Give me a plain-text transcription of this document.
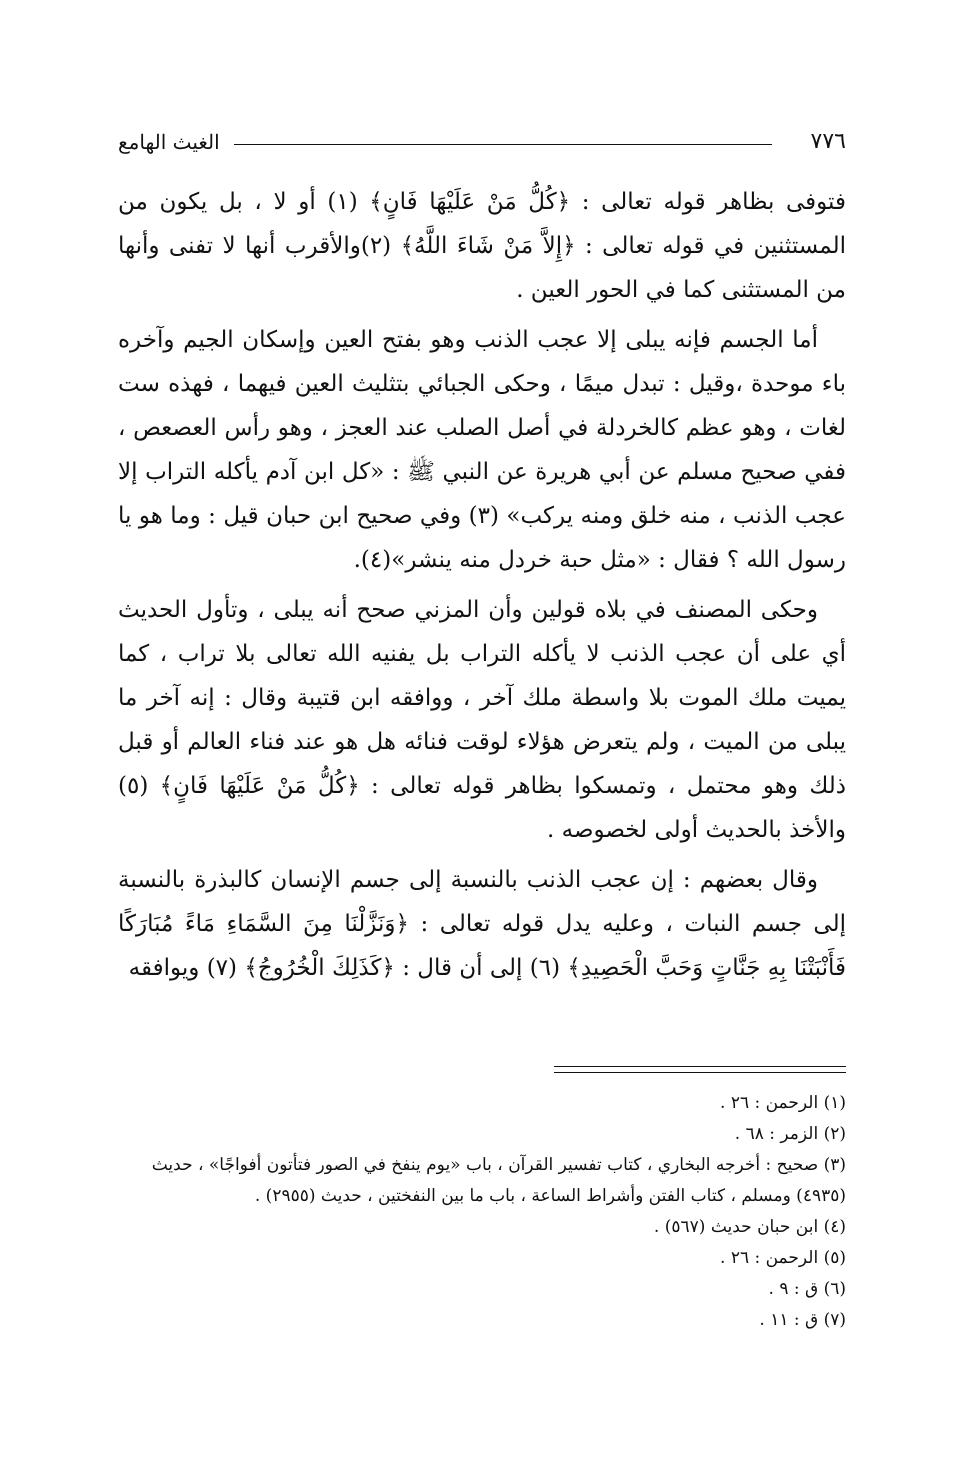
٧٧٦
الغيث الهامع

فتوفى بظاهر قوله تعالى : ﴿كُلُّ مَنْ عَلَيْهَا فَانٍ﴾ (١) أو لا ، بل يكون من المستثنين في قوله تعالى : ﴿إِلاَّ مَنْ شَاءَ اللَّهُ﴾ (٢)والأقرب أنها لا تفنى وأنها من المستثنى كما في الحور العين .

أما الجسم فإنه يبلى إلا عجب الذنب وهو بفتح العين وإسكان الجيم وآخره باء موحدة ،وقيل : تبدل ميمًا ، وحكى الجبائي بتثليث العين فيهما ، فهذه ست لغات ، وهو عظم كالخردلة في أصل الصلب عند العجز ، وهو رأس العصعص ، ففي صحيح مسلم عن أبي هريرة عن النبي ﷺ : «كل ابن آدم يأكله التراب إلا عجب الذنب ، منه خلق ومنه يركب» (٣) وفي صحيح ابن حبان قيل : وما هو يا رسول الله ؟ فقال : «مثل حبة خردل منه ينشر»(٤).

وحكى المصنف في بلاه قولين وأن المزني صحح أنه يبلى ، وتأول الحديث أي على أن عجب الذنب لا يأكله التراب بل يفنيه الله تعالى بلا تراب ، كما يميت ملك الموت بلا واسطة ملك آخر ، ووافقه ابن قتيبة وقال : إنه آخر ما يبلى من الميت ، ولم يتعرض هؤلاء لوقت فنائه هل هو عند فناء العالم أو قبل ذلك وهو محتمل ، وتمسكوا بظاهر قوله تعالى : ﴿كُلُّ مَنْ عَلَيْهَا فَانٍ﴾ (٥) والأخذ بالحديث أولى لخصوصه .

وقال بعضهم : إن عجب الذنب بالنسبة إلى جسم الإنسان كالبذرة بالنسبة إلى جسم النبات ، وعليه يدل قوله تعالى : ﴿وَنَزَّلْنَا مِنَ السَّمَاءِ مَاءً مُبَارَكًا فَأَنْبَتْنَا بِهِ جَنَّاتٍ وَحَبَّ الْحَصِيدِ﴾ (٦) إلى أن قال : ﴿كَذَلِكَ الْخُرُوجُ﴾ (٧) ويوافقه

(١) الرحمن : ٢٦ .

(٢) الزمر : ٦٨ .

(٣) صحيح : أخرجه البخاري ، كتاب تفسير القرآن ، باب «يوم ينفخ في الصور فتأتون أفواجًا» ، حديث (٤٩٣٥) ومسلم ، كتاب الفتن وأشراط الساعة ، باب ما بين النفختين ، حديث (٢٩٥٥) .

(٤) ابن حبان حديث (٥٦٧) .

(٥) الرحمن : ٢٦ .

(٦) ق : ٩ .

(٧) ق : ١١ .
